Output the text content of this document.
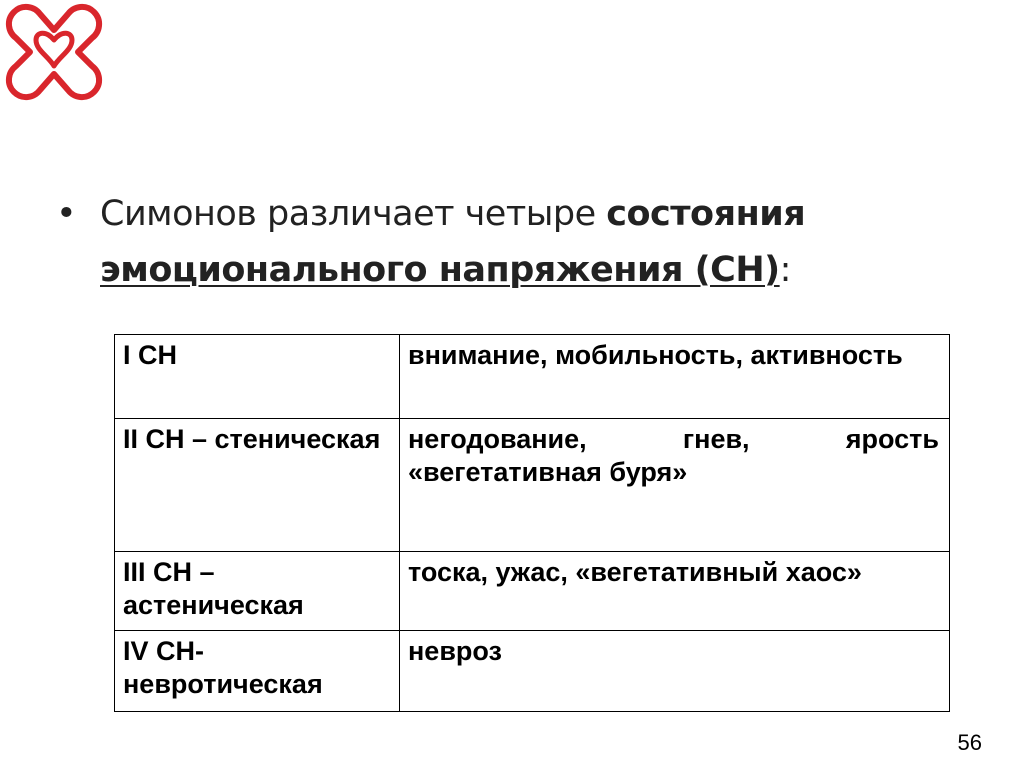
• Симонов различает четыре состояния
эмоционального напряжения (СН):
I СН	внимание, мобильность, активность
II СН – стеническая	негодование, гнев, ярость «вегетативная буря»
III СН – астеническая	тоска, ужас, «вегетативный хаос»
IV СН-невротическая	невроз
56
